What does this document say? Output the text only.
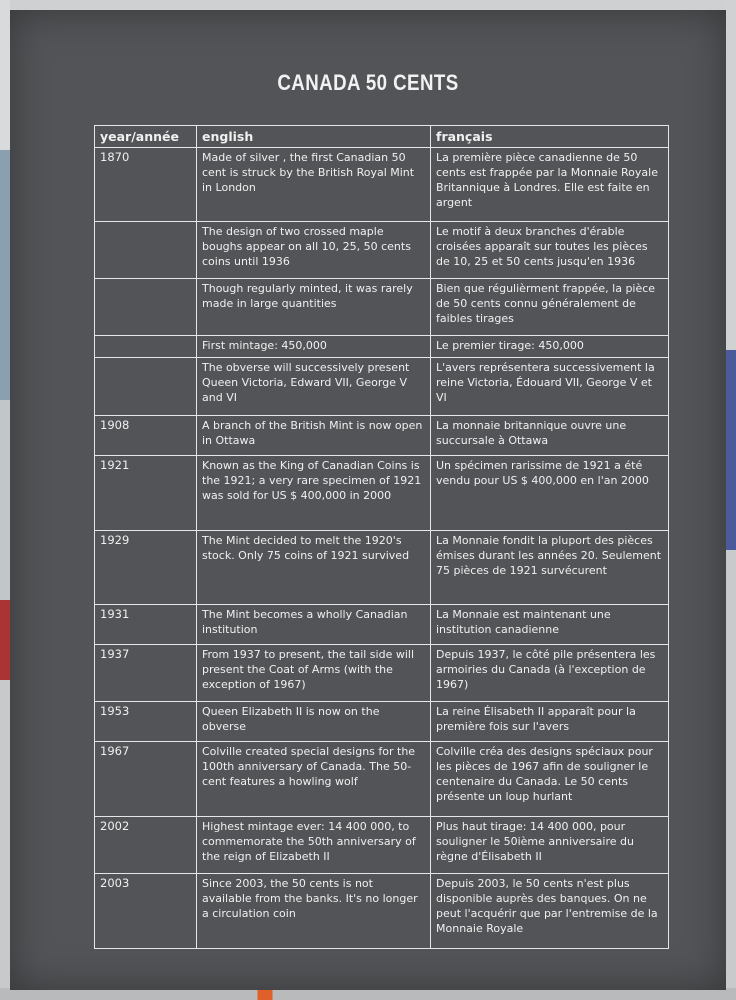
CANADA 50 CENTS
year/année	english	français
1870	Made of silver , the first Canadian 50 cent is struck by the British Royal Mint in London	La première pièce canadienne de 50 cents est frappée par la Monnaie Royale Britannique à Londres. Elle est faite en argent
	The design of two crossed maple boughs appear on all 10, 25, 50 cents coins until 1936	Le motif à deux branches d'érable croisées apparaît sur toutes les pièces de 10, 25 et 50 cents jusqu'en 1936
	Though regularly minted, it was rarely made in large quantities	Bien que régulièrment frappée, la pièce de 50 cents connu généralement de faibles tirages
	First mintage: 450,000	Le premier tirage: 450,000
	The obverse will successively present Queen Victoria, Edward VII, George V and VI	L'avers représentera successivement la reine Victoria, Édouard VII, George V et VI
1908	A branch of the British Mint is now open in Ottawa	La monnaie britannique ouvre une succursale à Ottawa
1921	Known as the King of Canadian Coins is the 1921; a very rare specimen of 1921 was sold for US $ 400,000 in 2000	Un spécimen rarissime de 1921 a été vendu pour US $ 400,000 en l'an 2000
1929	The Mint decided to melt the 1920's stock. Only 75 coins of 1921 survived	La Monnaie fondit la pluport des pièces émises durant les années 20. Seulement 75 pièces de 1921 survécurent
1931	The Mint becomes a wholly Canadian institution	La Monnaie est maintenant une institution canadienne
1937	From 1937 to present, the tail side will present the Coat of Arms (with the exception of 1967)	Depuis 1937, le côté pile présentera les armoiries du Canada (à l'exception de 1967)
1953	Queen Elizabeth II is now on the obverse	La reine Élisabeth II apparaît pour la première fois sur l'avers
1967	Colville created special designs for the 100th anniversary of Canada. The 50-cent features a howling wolf	Colville créa des designs spéciaux pour les pièces de 1967 afin de souligner le centenaire du Canada. Le 50 cents présente un loup hurlant
2002	Highest mintage ever: 14 400 000, to commemorate the 50th anniversary of the reign of Elizabeth II	Plus haut tirage: 14 400 000, pour souligner le 50ième anniversaire du règne d'Élisabeth II
2003	Since 2003, the 50 cents is not available from the banks. It's no longer a circulation coin	Depuis 2003, le 50 cents n'est plus disponible auprès des banques. On ne peut l'acquérir que par l'entremise de la Monnaie Royale
